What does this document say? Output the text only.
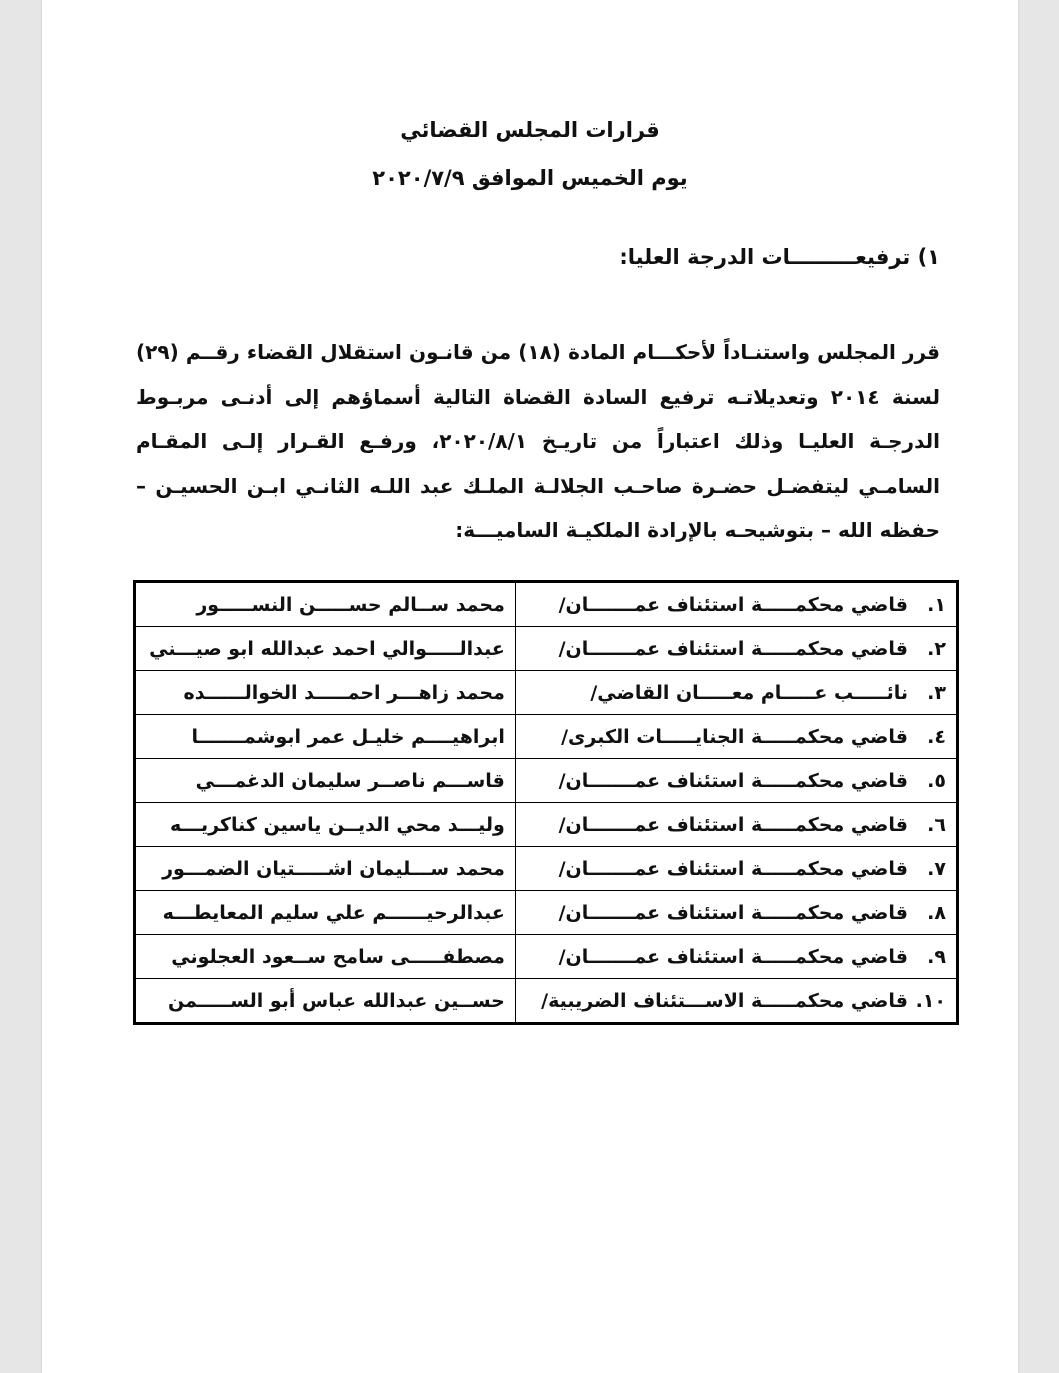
قرارات المجلس القضائي
يوم الخميس الموافق ٢٠٢٠/٧/٩
١) ترفيعـــــــــات الدرجة العليا:
قرر المجلس واستنـاداً لأحكـــام المادة (١٨) من قانـون استقلال القضاء رقــم (٢٩) لسنة ٢٠١٤ وتعديلاتـه ترفيع السادة القضاة التالية أسماؤهم إلى أدنـى مربـوط الدرجـة العليـا وذلك اعتباراً من تاريـخ ٢٠٢٠/٨/١، ورفـع القـرار إلـى المقـام السامـي ليتفضـل حضـرة صاحـب الجلالـة الملـك عبد اللـه الثانـي ابـن الحسيـن – حفظه الله – بتوشيحـه بالإرادة الملكيـة الساميـــة:
١.قاضي محكمـــــة استئناف عمـــــــان/	محمد ســالم حســـــن النســـــور
٢.قاضي محكمـــــة استئناف عمـــــــان/	عبدالـــــوالي احمد عبدالله ابو صيـــني
٣.نائـــــب عـــــام معـــــان القاضي/	محمد زاهـــر احمـــــد الخوالــــــده
٤.قاضي محكمـــــة الجنايـــــات الكبرى/	ابراهيــــم خليـل عمر ابوشمـــــــا
٥.قاضي محكمـــــة استئناف عمـــــــان/	قاســـم ناصــر سليمان الدغمـــي
٦.قاضي محكمـــــة استئناف عمـــــــان/	وليـــد محي الديــن ياسين كناكريـــه
٧.قاضي محكمـــــة استئناف عمـــــــان/	محمد ســـليمان اشـــــتيان الضمـــور
٨.قاضي محكمـــــة استئناف عمـــــــان/	عبدالرحيــــــم علي سليم المعايطـــه
٩.قاضي محكمـــــة استئناف عمـــــــان/	مصطفـــــى سامح ســعود العجلوني
١٠.قاضي محكمـــــة الاســـتئناف الضريبية/	حســين عبدالله عباس أبو الســـــمن
